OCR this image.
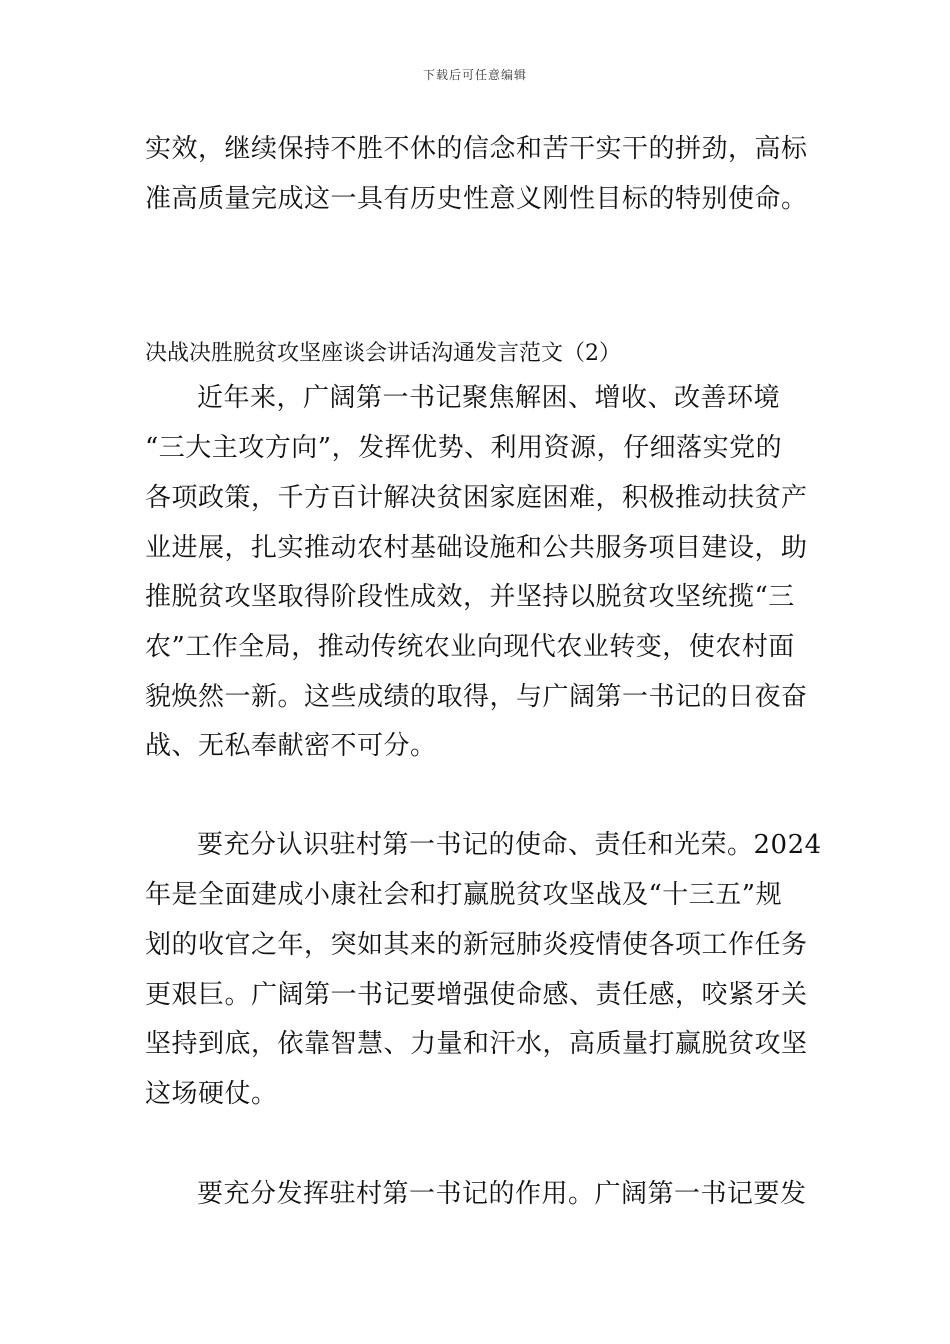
下载后可任意编辑
实效，继续保持不胜不休的信念和苦干实干的拼劲，高标
准高质量完成这一具有历史性意义刚性目标的特别使命。
决战决胜脱贫攻坚座谈会讲话沟通发言范文（2）
近年来，广阔第一书记聚焦解困、增收、改善环境
“三大主攻方向”，发挥优势、利用资源，仔细落实党的
各项政策，千方百计解决贫困家庭困难，积极推动扶贫产
业进展，扎实推动农村基础设施和公共服务项目建设，助
推脱贫攻坚取得阶段性成效，并坚持以脱贫攻坚统揽“三
农”工作全局，推动传统农业向现代农业转变，使农村面
貌焕然一新。这些成绩的取得，与广阔第一书记的日夜奋
战、无私奉献密不可分。
要充分认识驻村第一书记的使命、责任和光荣。2024
年是全面建成小康社会和打赢脱贫攻坚战及“十三五”规
划的收官之年，突如其来的新冠肺炎疫情使各项工作任务
更艰巨。广阔第一书记要增强使命感、责任感，咬紧牙关
坚持到底，依靠智慧、力量和汗水，高质量打赢脱贫攻坚
这场硬仗。
要充分发挥驻村第一书记的作用。广阔第一书记要发
